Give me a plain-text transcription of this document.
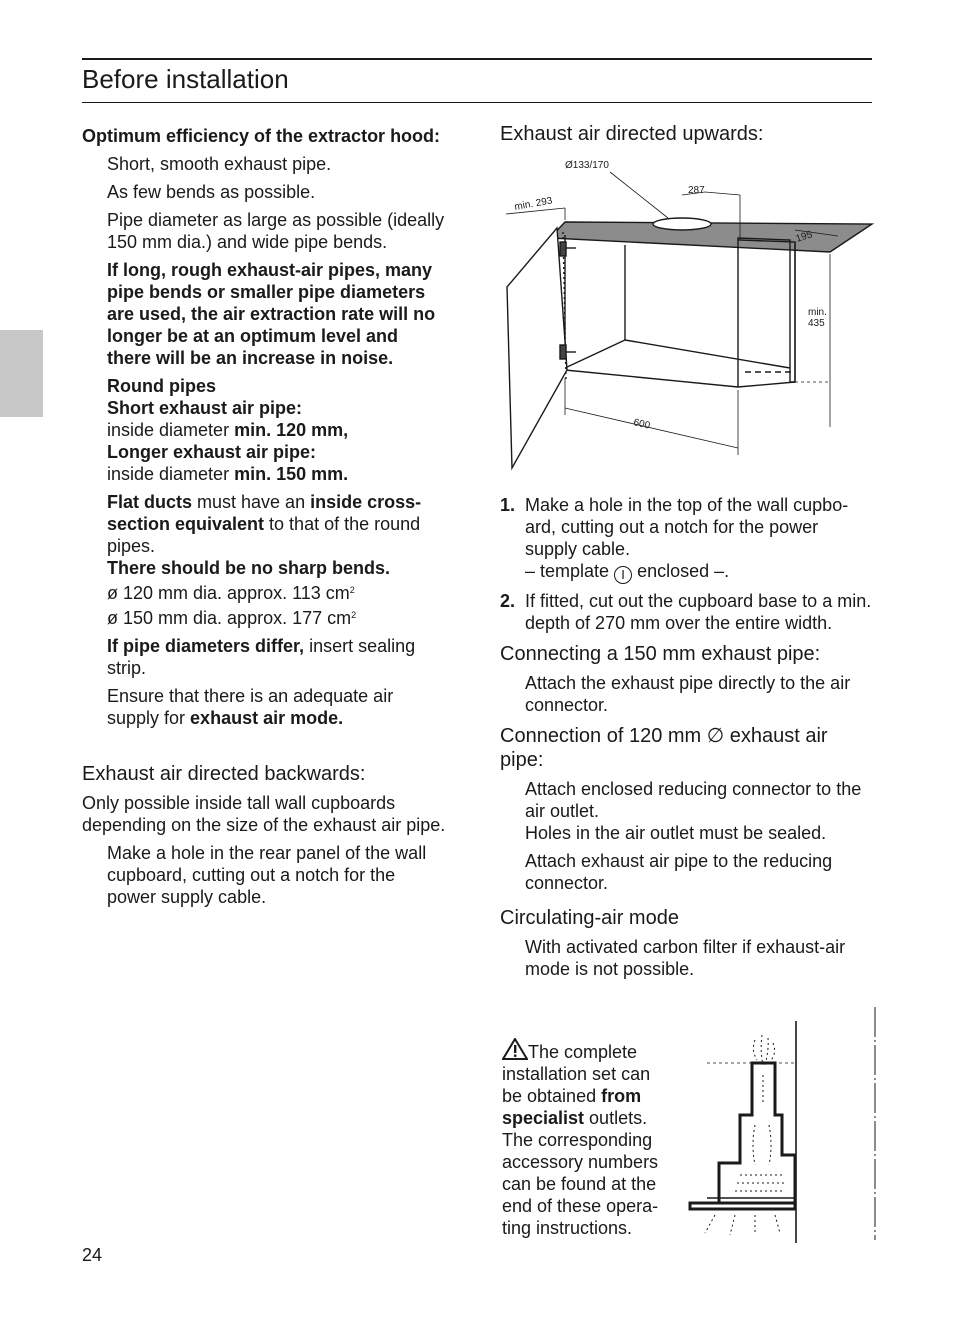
Before installation

Optimum efficiency of the extractor hood:

Short, smooth exhaust pipe.

As few bends as possible.

Pipe diameter as large as possible (ideally 150 mm dia.) and wide pipe bends.

If long, rough exhaust-air pipes, many pipe bends or smaller pipe diameters are used, the air extraction rate will no longer be at an optimum level and there will be an increase in noise.

Round pipes
Short exhaust air pipe:
inside diameter min. 120 mm,
Longer exhaust air pipe:
inside diameter min. 150 mm.

Flat ducts must have an inside cross-section equivalent to that of the round pipes.
There should be no sharp bends.
ø 120 mm dia. approx. 113 $cm^2$
ø 150 mm dia. approx. 177 $cm^2$

If pipe diameters differ, insert sealing strip.

Ensure that there is an adequate air supply for exhaust air mode.

Exhaust air directed backwards:

Only possible inside tall wall cupboards depending on the size of the exhaust air pipe.

Make a hole in the rear panel of the wall cupboard, cutting out a notch for the power supply cable.

Exhaust air directed upwards:

Ø133/170
min. 293
287
195
min.
435
600
1. Make a hole in the top of the wall cupbo-ard, cutting out a notch for the power supply cable.
– template I enclosed –.

2. If fitted, cut out the cupboard base to a min. depth of 270 mm over the entire width.

Connecting a 150 mm exhaust pipe:

Attach the exhaust pipe directly to the air connector.

Connection of 120 mm ∅ exhaust air pipe:

Attach enclosed reducing connector to the air outlet.

Holes in the air outlet must be sealed.

Attach exhaust air pipe to the reducing connector.

Circulating-air mode

With activated carbon filter if exhaust-air mode is not possible.

The complete installation set can be obtained from specialist outlets. The corresponding accessory numbers can be found at the end of these opera-ting instructions.

24
